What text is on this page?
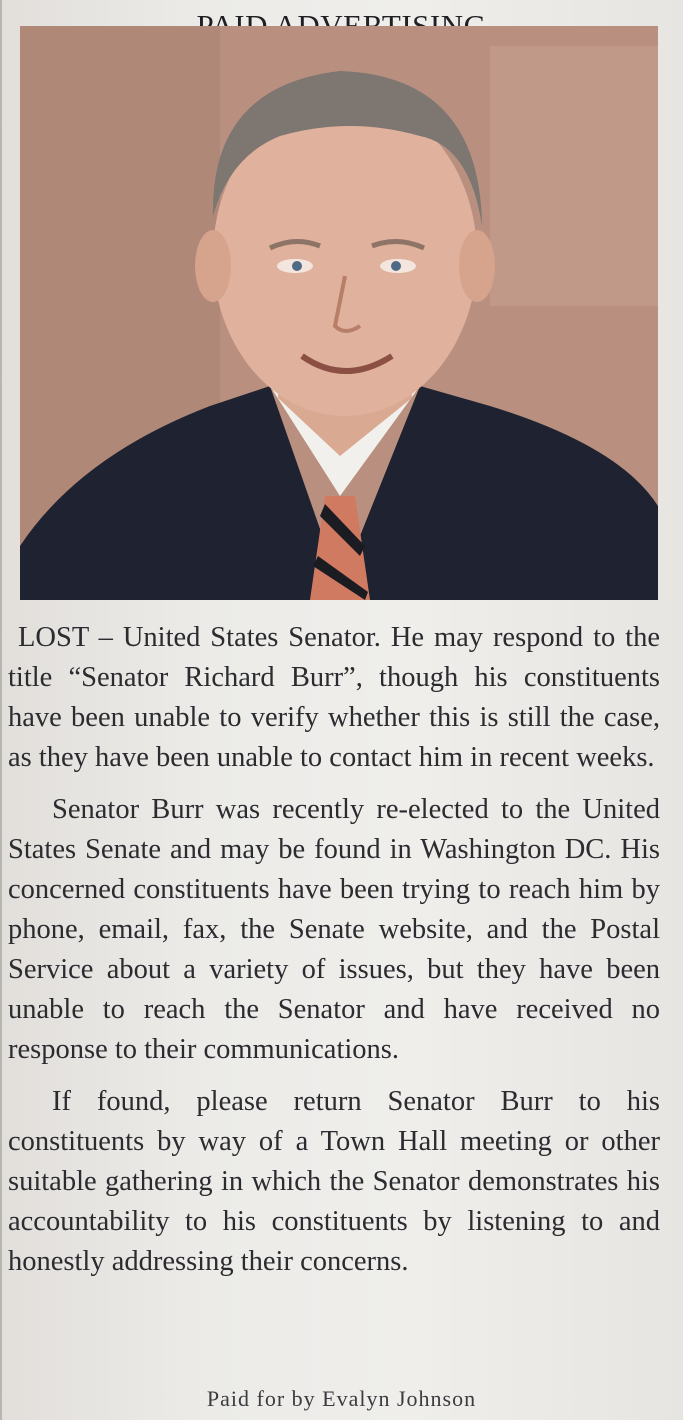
LOST – United States Senator. He may respond to the title “Senator Richard Burr”, though his constituents have been unable to verify whether this is still the case, as they have been unable to contact him in recent weeks.

Senator Burr was recently re-elected to the United States Senate and may be found in Washington DC. His concerned constituents have been trying to reach him by phone, email, fax, the Senate website, and the Postal Service about a variety of issues, but they have been unable to reach the Senator and have received no response to their communications.

If found, please return Senator Burr to his constituents by way of a Town Hall meeting or other suitable gathering in which the Senator demonstrates his accountability to his constituents by listening to and honestly addressing their concerns.

Paid for by Evalyn Johnson
